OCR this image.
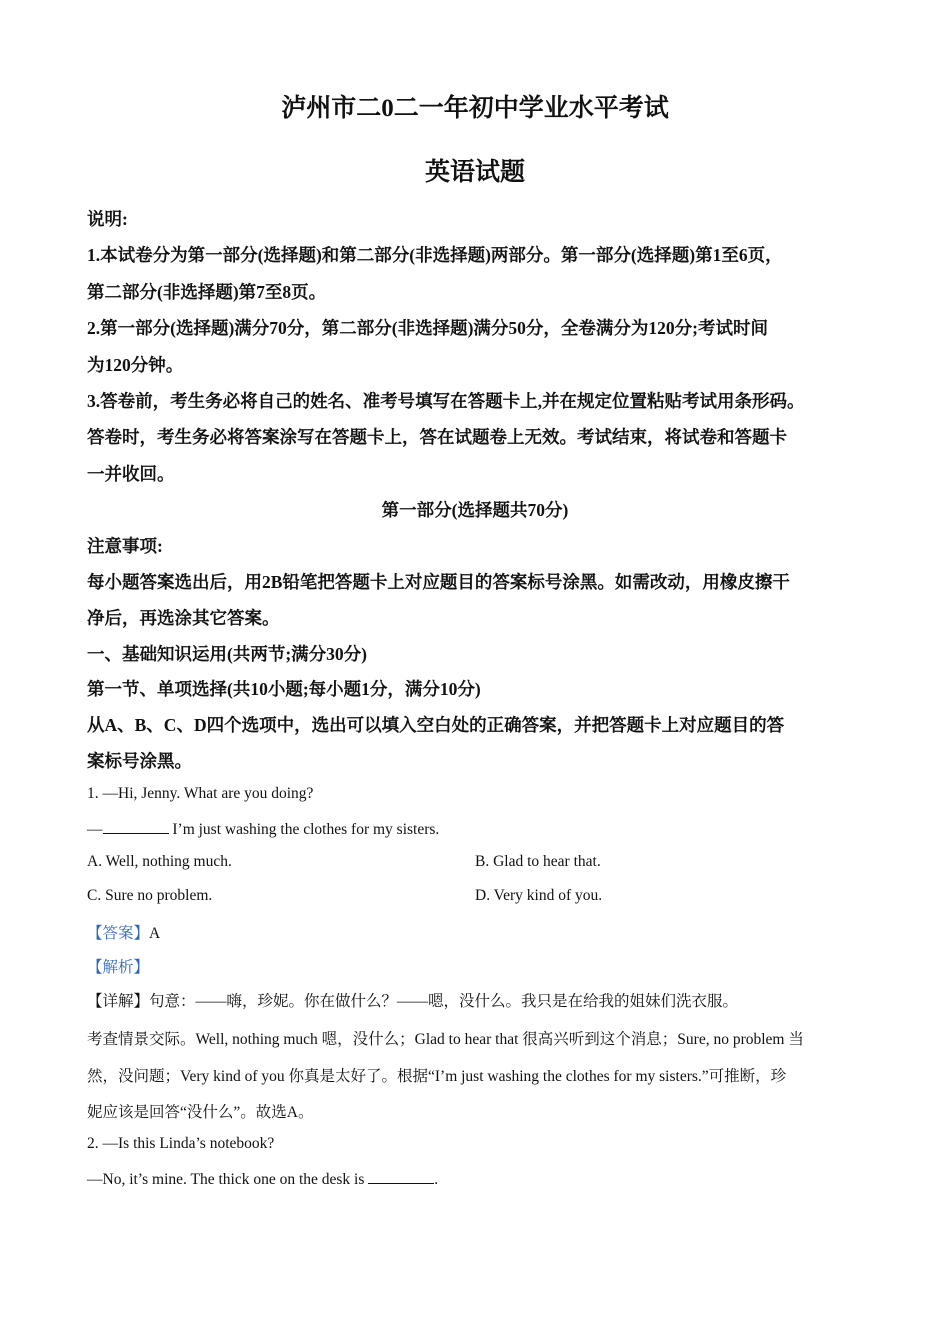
泸州市二0二一年初中学业水平考试
英语试题
说明:
1.本试卷分为第一部分(选择题)和第二部分(非选择题)两部分。第一部分(选择题)第1至6页，
第二部分(非选择题)第7至8页。
2.第一部分(选择题)满分70分，第二部分(非选择题)满分50分，全卷满分为120分;考试时间
为120分钟。
3.答卷前，考生务必将自己的姓名、准考号填写在答题卡上,并在规定位置粘贴考试用条形码。
答卷时，考生务必将答案涂写在答题卡上，答在试题卷上无效。考试结束，将试卷和答题卡
一并收回。
第一部分(选择题共70分)
注意事项:
每小题答案选出后，用2B铅笔把答题卡上对应题目的答案标号涂黑。如需改动，用橡皮擦干
净后，再选涂其它答案。
一、基础知识运用(共两节;满分30分)
第一节、单项选择(共10小题;每小题1分，满分10分)
从A、B、C、D四个选项中，选出可以填入空白处的正确答案，并把答题卡上对应题目的答
案标号涂黑。
1. —Hi, Jenny. What are you doing?
—	I’m just washing the clothes for my sisters.
A. Well, nothing much.	B. Glad to hear that.
C. Sure no problem.	D. Very kind of you.
【答案】A
【解析】
【详解】句意：——嗨，珍妮。你在做什么？——嗯，没什么。我只是在给我的姐妹们洗衣服。
考查情景交际。Well, nothing much 嗯，没什么；Glad to hear that 很高兴听到这个消息；Sure, no problem 当
然，没问题；Very kind of you 你真是太好了。根据“I’m just washing the clothes for my sisters.”可推断，珍
妮应该是回答“没什么”。故选A。
2. —Is this Linda’s notebook?
—No, it’s mine. The thick one on the desk is	.
